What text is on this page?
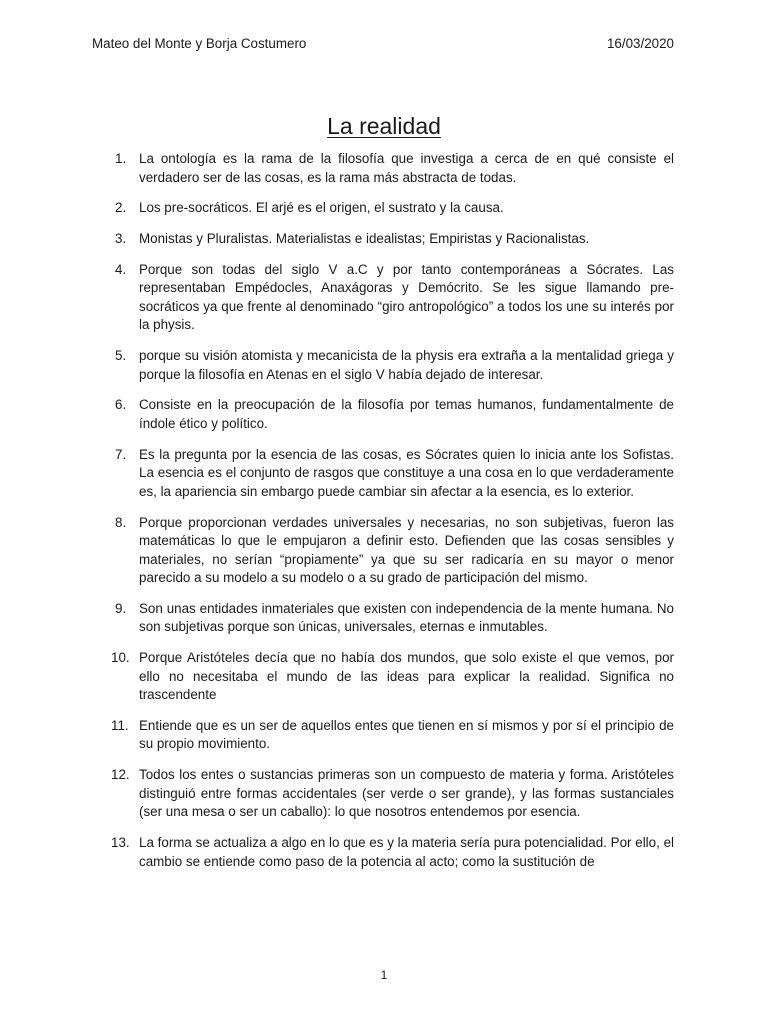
Mateo del Monte y Borja Costumero	16/03/2020
La realidad
1. La ontología es la rama de la filosofía que investiga a cerca de en qué consiste el verdadero ser de las cosas, es la rama más abstracta de todas.
2. Los pre-socráticos. El arjé es el origen, el sustrato y la causa.
3. Monistas y Pluralistas. Materialistas e idealistas; Empiristas y Racionalistas.
4. Porque son todas del siglo V a.C y por tanto contemporáneas a Sócrates. Las representaban Empédocles, Anaxágoras y Demócrito. Se les sigue llamando pre-socráticos ya que frente al denominado “giro antropológico” a todos los une su interés por la physis.
5. porque su visión atomista y mecanicista de la physis era extraña a la mentalidad griega y porque la filosofía en Atenas en el siglo V había dejado de interesar.
6. Consiste en la preocupación de la filosofía por temas humanos, fundamentalmente de índole ético y político.
7. Es la pregunta por la esencia de las cosas, es Sócrates quien lo inicia ante los Sofistas. La esencia es el conjunto de rasgos que constituye a una cosa en lo que verdaderamente es, la apariencia sin embargo puede cambiar sin afectar a la esencia, es lo exterior.
8. Porque proporcionan verdades universales y necesarias, no son subjetivas, fueron las matemáticas lo que le empujaron a definir esto. Defienden que las cosas sensibles y materiales, no serían “propiamente” ya que su ser radicaría en su mayor o menor parecido a su modelo a su modelo o a su grado de participación del mismo.
9. Son unas entidades inmateriales que existen con independencia de la mente humana. No son subjetivas porque son únicas, universales, eternas e inmutables.
10. Porque Aristóteles decía que no había dos mundos, que solo existe el que vemos, por ello no necesitaba el mundo de las ideas para explicar la realidad. Significa no trascendente
11. Entiende que es un ser de aquellos entes que tienen en sí mismos y por sí el principio de su propio movimiento.
12. Todos los entes o sustancias primeras son un compuesto de materia y forma. Aristóteles distinguió entre formas accidentales (ser verde o ser grande), y las formas sustanciales (ser una mesa o ser un caballo): lo que nosotros entendemos por esencia.
13. La forma se actualiza a algo en lo que es y la materia sería pura potencialidad. Por ello, el cambio se entiende como paso de la potencia al acto; como la sustitución de
1
